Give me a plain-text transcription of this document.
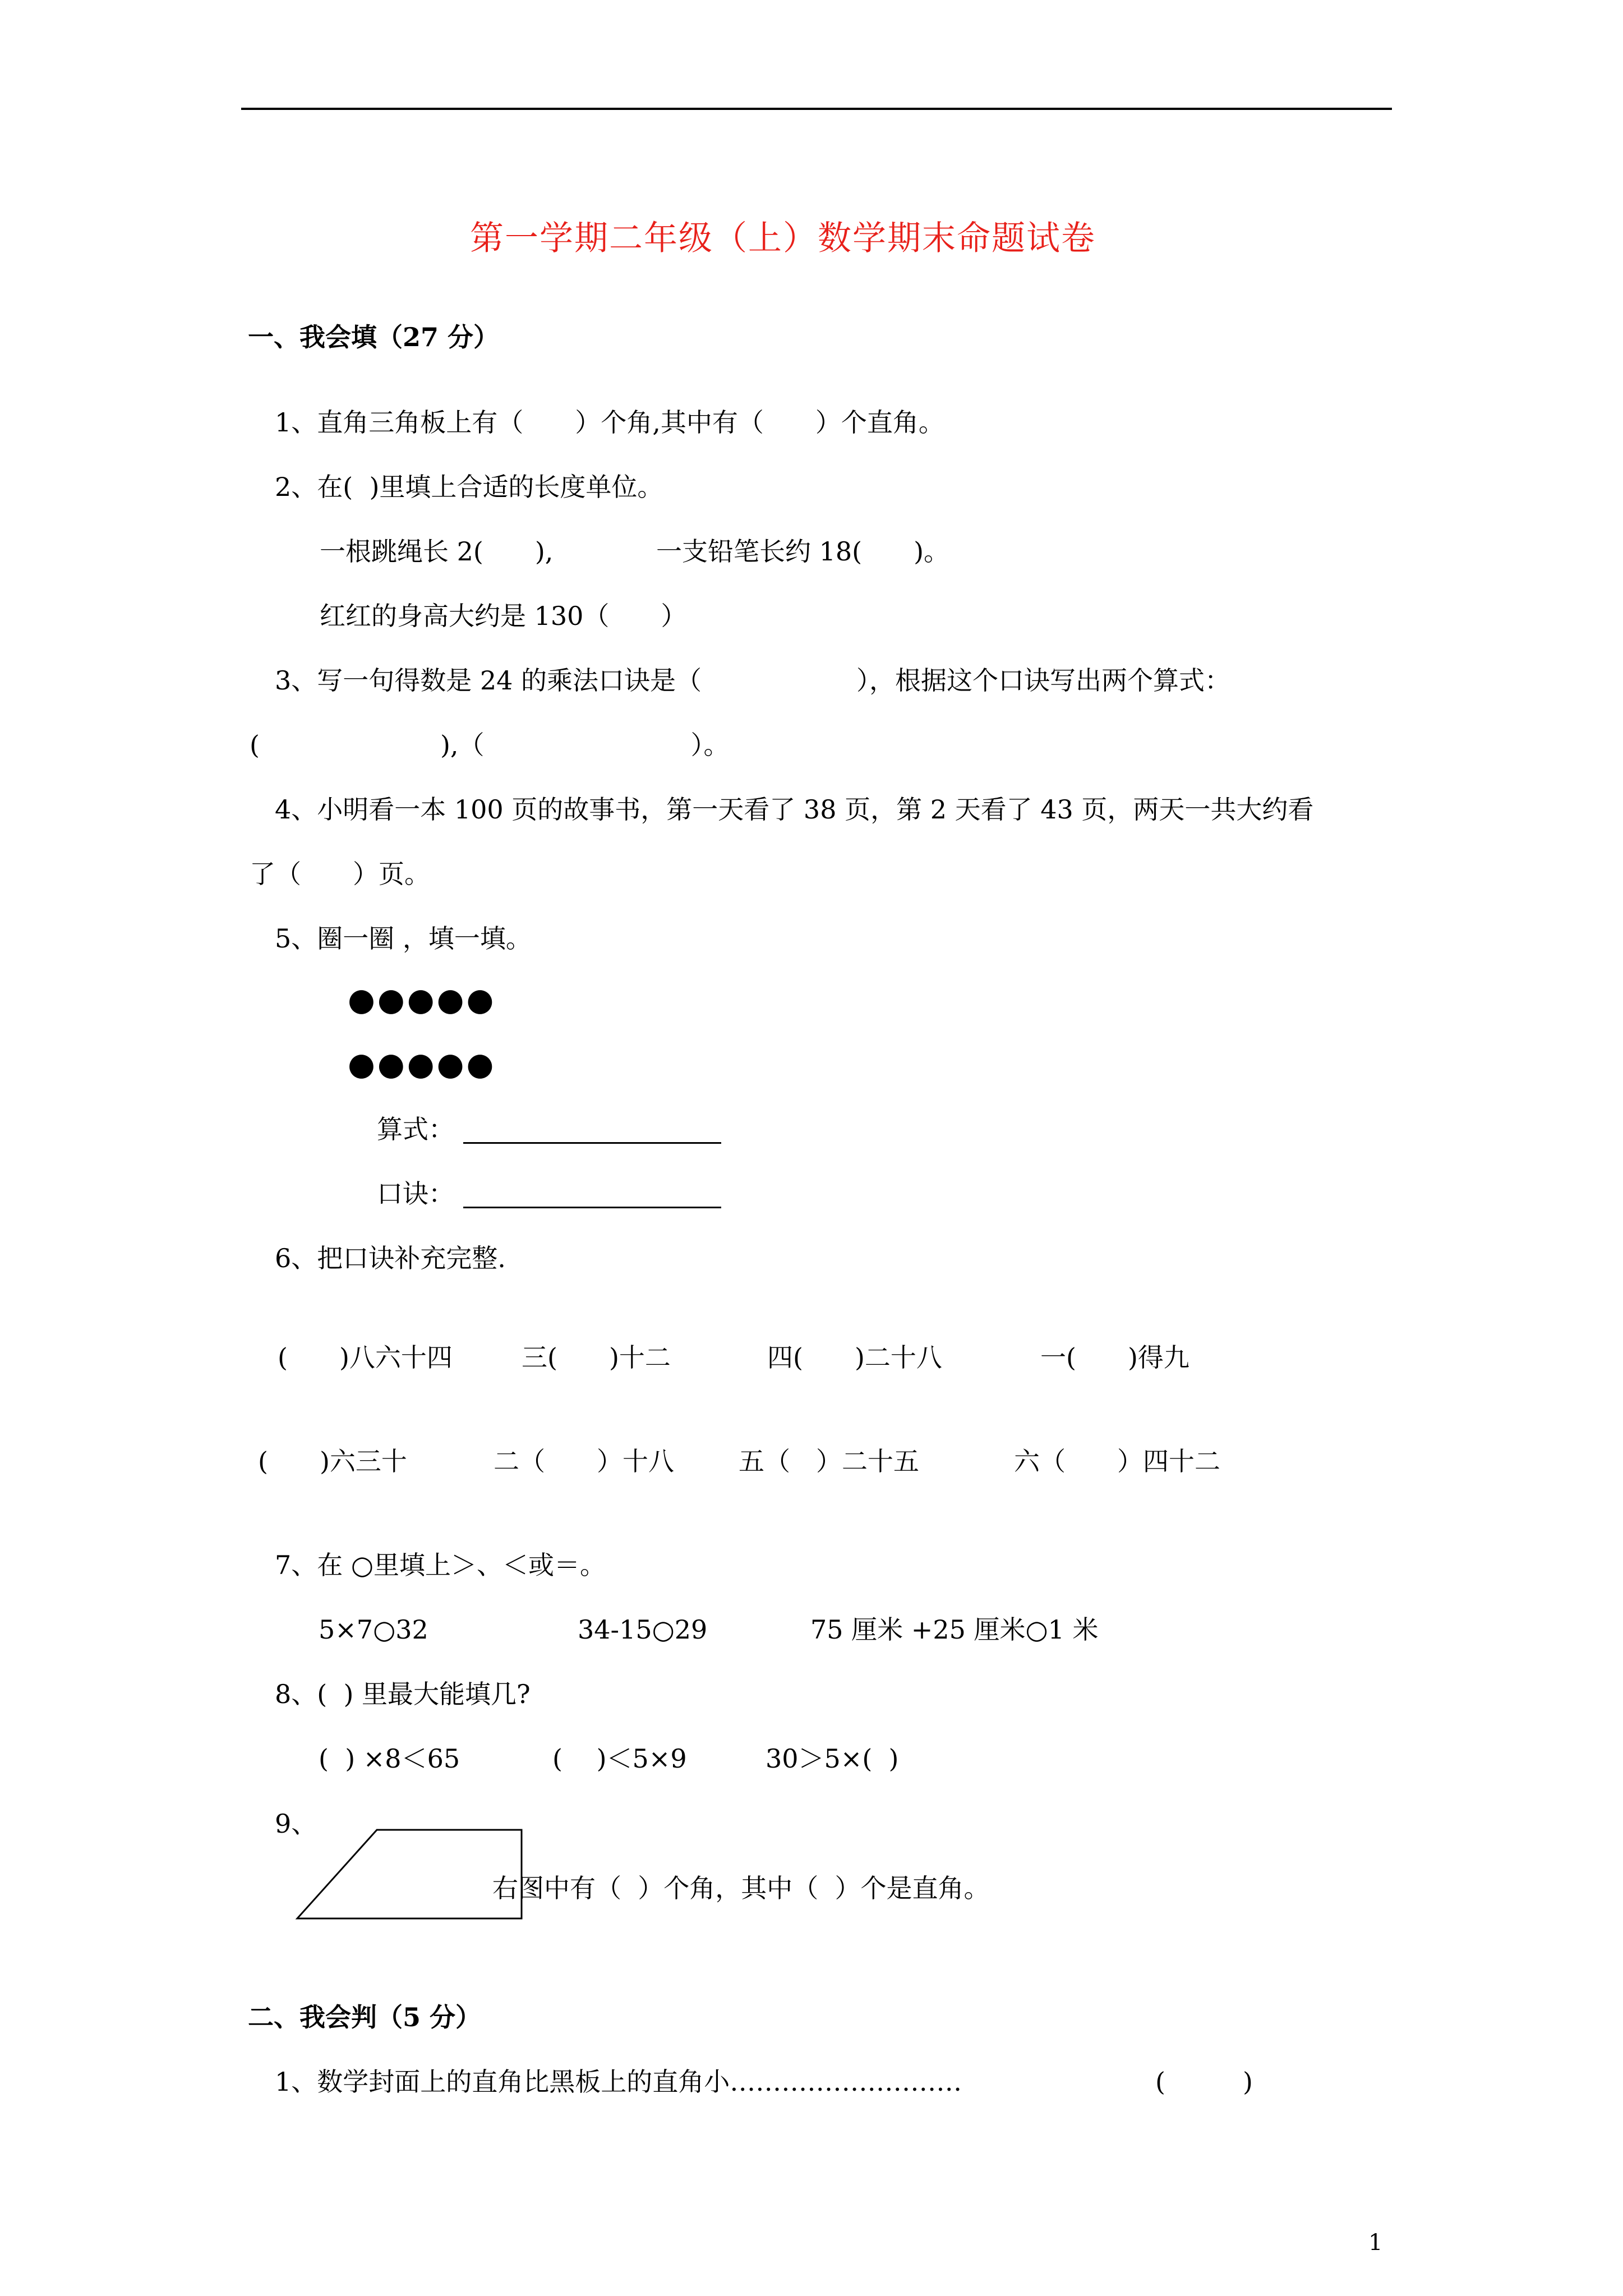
第一学期二年级（上）数学期末命题试卷
一、我会填（27 分）
1、直角三角板上有（　　）个角,其中有（　　）个直角。
2、在(  )里填上合适的长度单位。
一根跳绳长 2(　　),	一支铅笔长约 18(　　)。
红红的身高大约是 130（　　）
3、写一句得数是 24 的乘法口诀是（　　　　　　），根据这个口诀写出两个算式：
(　　　　　　　),（　　　　　　　　）。
4、小明看一本 100 页的故事书，第一天看了 38 页，第 2 天看了 43 页，两天一共大约看
了（　　）页。
5、圈一圈 ，填一填。
●●●●●
●●●●●
算式：
口诀：
6、把口诀补充完整.
(　　)八六十四	三(　　)十二	四(　　)二十八	一(　　)得九
(　　)六三十	二（　　）十八	五（　）二十五	六（　　）四十二
7、在 ○里填上＞、＜或＝。
5×7○32	34-15○29	75 厘米 +25 厘米○1 米
8、(  ) 里最大能填几?
(  ) ×8＜65	(　 )＜5×9	30＞5×(  )
9、
右图中有（  ）个角，其中（  ）个是直角。
二、我会判（5 分）
1、数学封面上的直角比黑板上的直角小………………………	(　　　)
1
